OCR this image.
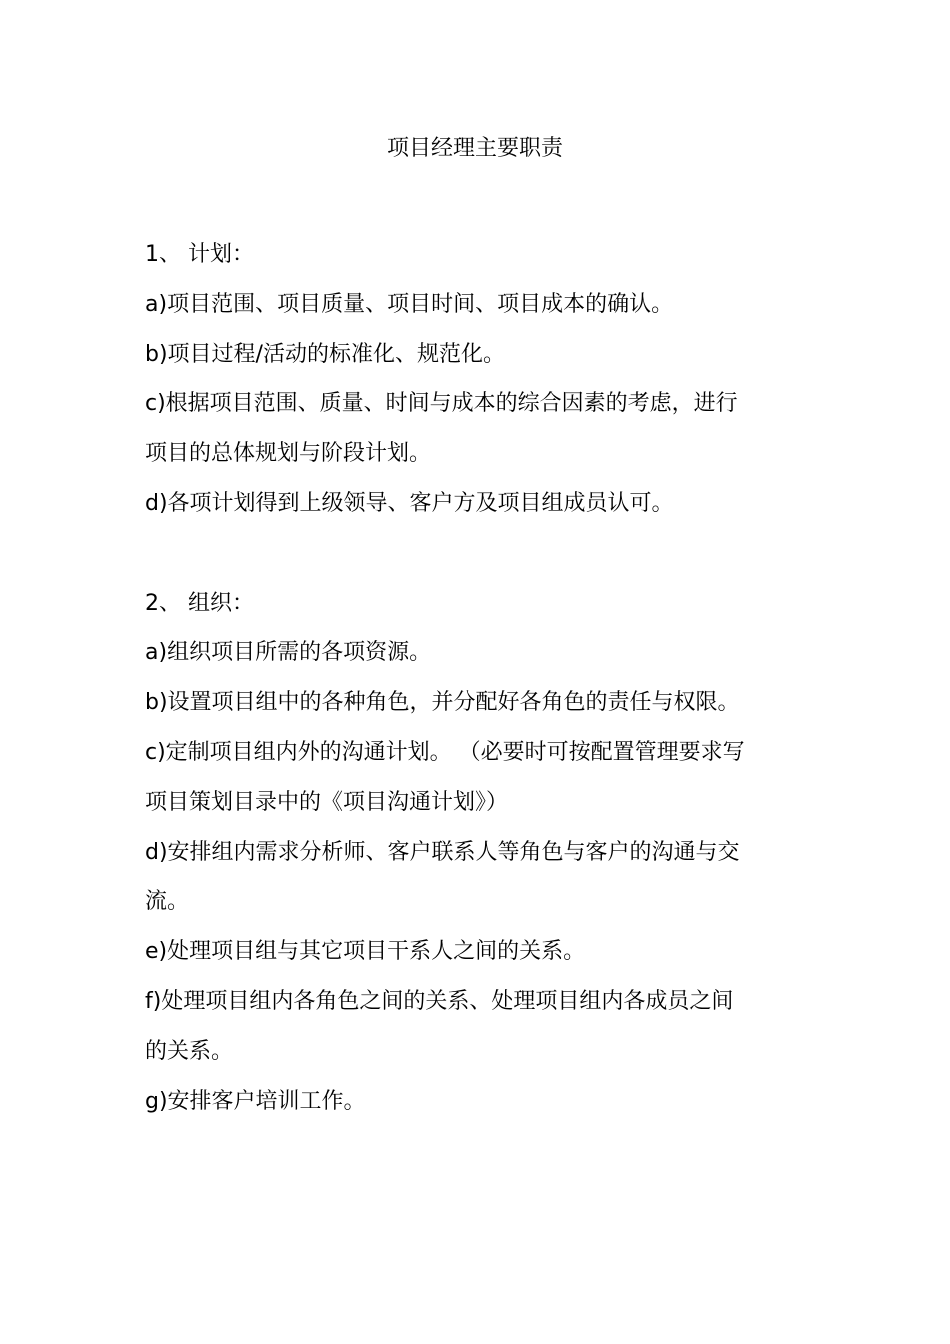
项目经理主要职责
1、 计划：
a)项目范围、项目质量、项目时间、项目成本的确认。
b)项目过程/活动的标准化、规范化。
c)根据项目范围、质量、时间与成本的综合因素的考虑，进行
项目的总体规划与阶段计划。
d)各项计划得到上级领导、客户方及项目组成员认可。
2、 组织：
a)组织项目所需的各项资源。
b)设置项目组中的各种角色，并分配好各角色的责任与权限。
c)定制项目组内外的沟通计划。 （必要时可按配置管理要求写
项目策划目录中的《项目沟通计划》）
d)安排组内需求分析师、客户联系人等角色与客户的沟通与交
流。
e)处理项目组与其它项目干系人之间的关系。
f)处理项目组内各角色之间的关系、处理项目组内各成员之间
的关系。
g)安排客户培训工作。
